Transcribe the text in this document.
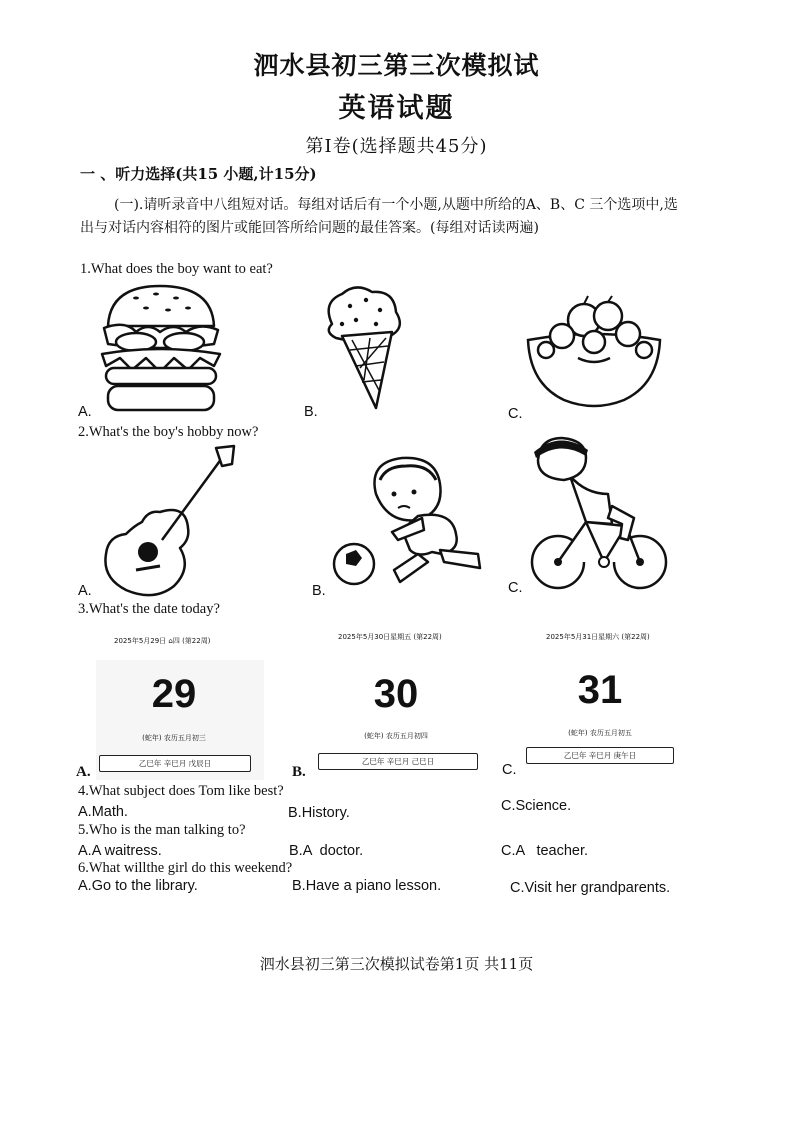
泗水县初三第三次模拟试
英语试题
第I卷(选择题共45分)
一 、听力选择(共15 小题,计15分)
(一).请听录音中八组短对话。每组对话后有一个小题,从题中所给的A、B、C 三个选项中,选出与对话内容相符的图片或能回答所给问题的最佳答案。(每组对话读两遍)
1.What does the boy want to eat?
A.	B.	C.
2.What's the boy's hobby now?
A.	B.	C.
3.What's the date today?
2025年5月29日 ⌂四 (第22周)
29
(蛇年) 农历五月初三
乙巳年 辛巳月 戊辰日
A.
2025年5月30日星期五 (第22周)
30
(蛇年) 农历五月初四
乙巳年 辛巳月 己巳日
B.
2025年5月31日星期六 (第22周)
31
(蛇年) 农历五月初五
乙巳年 辛巳月 庚午日
C.
4.What subject does Tom like best?
A.Math.	B.History.	C.Science.
5.Who is the man talking to?
A.A waitress.	B.A  doctor.	C.A   teacher.
6.What willthe girl do this weekend?
A.Go to the library.	B.Have a piano lesson.	C.Visit her grandparents.
泗水县初三第三次模拟试卷第1页 共11页
